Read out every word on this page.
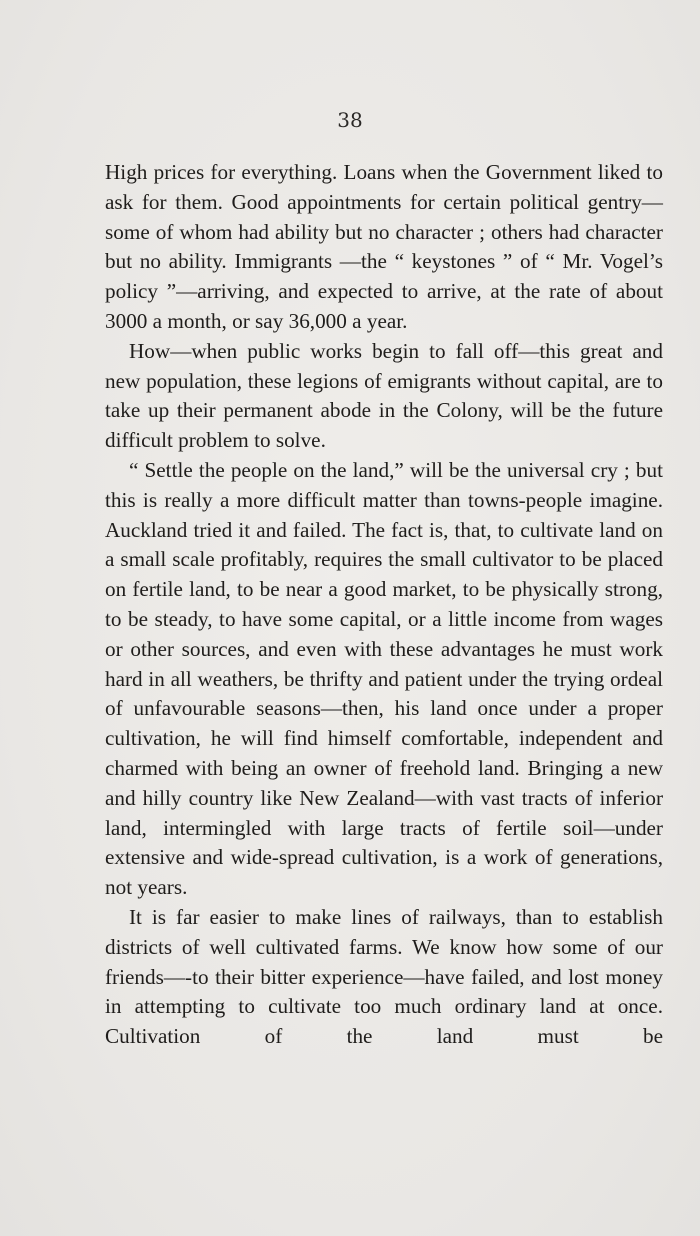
38

High prices for everything. Loans when the Government liked to ask for them. Good appointments for certain political gentry—some of whom had ability but no character ; others had character but no ability. Immigrants —the “ keystones ” of “ Mr. Vogel’s policy ”—arriving, and expected to arrive, at the rate of about 3000 a month, or say 36,000 a year.

How—when public works begin to fall off—this great and new population, these legions of emigrants without capital, are to take up their permanent abode in the Colony, will be the future difficult problem to solve.

“ Settle the people on the land,” will be the universal cry ; but this is really a more difficult matter than towns-people imagine. Auckland tried it and failed. The fact is, that, to cultivate land on a small scale profitably, requires the small cultivator to be placed on fertile land, to be near a good market, to be physically strong, to be steady, to have some capital, or a little income from wages or other sources, and even with these advantages he must work hard in all weathers, be thrifty and patient under the trying ordeal of unfavourable seasons—then, his land once under a proper cultivation, he will find himself comfortable, independent and charmed with being an owner of freehold land. Bringing a new and hilly country like New Zealand—with vast tracts of inferior land, intermingled with large tracts of fertile soil—under extensive and wide-spread cultivation, is a work of generations, not years.

It is far easier to make lines of railways, than to establish districts of well cultivated farms. We know how some of our friends—-to their bitter experience—have failed, and lost money in attempting to cultivate too much ordinary land at once. Cultivation of the land must be
